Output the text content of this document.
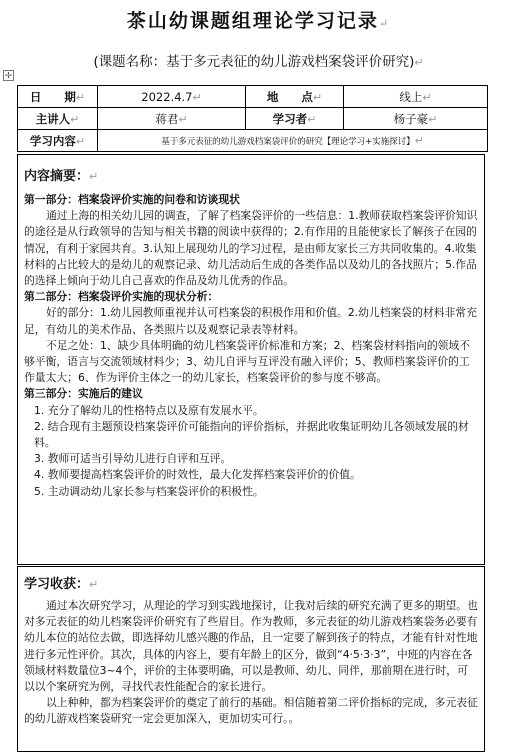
茶山幼课题组理论学习记录↵
(课题名称：基于多元表征的幼儿游戏档案袋评价研究)↵
✢
日　　期↵	2022.4.7↵	地　　点↵	线上↵
主讲人↵	蒋君↵	学习者↵	杨子豪↵
学习内容↵	基于多元表征的幼儿游戏档案袋评价的研究【理论学习+实施探讨】↵		
内容摘要：↵

第一部分：档案袋评价实施的问卷和访谈现状

通过上海的相关幼儿园的调查，了解了档案袋评价的一些信息：1.教师获取档案袋评价知识的途径是从行政领导的告知与相关书籍的阅读中获得的；2.有作用的且能使家长了解孩子在园的情况，有利于家园共育。3.认知上展现幼儿的学习过程，是由师友家长三方共同收集的。4.收集材料的占比较大的是幼儿的观察记录、幼儿活动后生成的各类作品以及幼儿的各找照片；5.作品的选择上倾向于幼儿自己喜欢的作品及幼儿优秀的作品。

第二部分：档案袋评价实施的现状分析：

好的部分：1.幼儿园教师重视并认可档案袋的积极作用和价值。2.幼儿档案袋的材料非常充足，有幼儿的美术作品、各类照片以及观察记录表等材料。

不足之处：1、缺少具体明确的幼儿档案袋评价标准和方案；2、档案袋材料指向的领域不够平衡，语言与交流领域材料少；3、幼儿自评与互评没有融入评价；5、教师档案袋评价的工作量太大；6、作为评价主体之一的幼儿家长，档案袋评价的参与度不够高。

第三部分：实施后的建议

1. 充分了解幼儿的性格特点以及原有发展水平。

2. 结合现有主题预设档案袋评价可能指向的评价指标，并据此收集证明幼儿各领域发展的材料。

3. 教师可适当引导幼儿进行自评和互评。

4. 教师要提高档案袋评价的时效性，最大化发挥档案袋评价的价值。

5. 主动调动幼儿家长参与档案袋评价的积极性。

学习收获：↵

通过本次研究学习，从理论的学习到实践地探讨，让我对后续的研究充满了更多的期望。也对多元表征的幼儿档案袋评价研究有了些眉目。作为教师，多元表征的幼儿游戏档案袋务必要有幼儿本位的站位去做，即选择幼儿感兴趣的作品，且一定要了解到孩子的特点，才能有针对性地进行多元性评价。其次，具体的内容上，要有年龄上的区分，做到“4·5·3·3”，中班的内容在各领域材料数量位3~4个，评价的主体要明确，可以是教师、幼儿、同伴，那前期在进行时，可以以个案研究为例，寻找代表性能配合的家长进行。

以上种种，都为档案袋评价的奠定了前行的基础。相信随着第二评价指标的完成，多元表征的幼儿游戏档案袋研究一定会更加深入，更加切实可行。。
